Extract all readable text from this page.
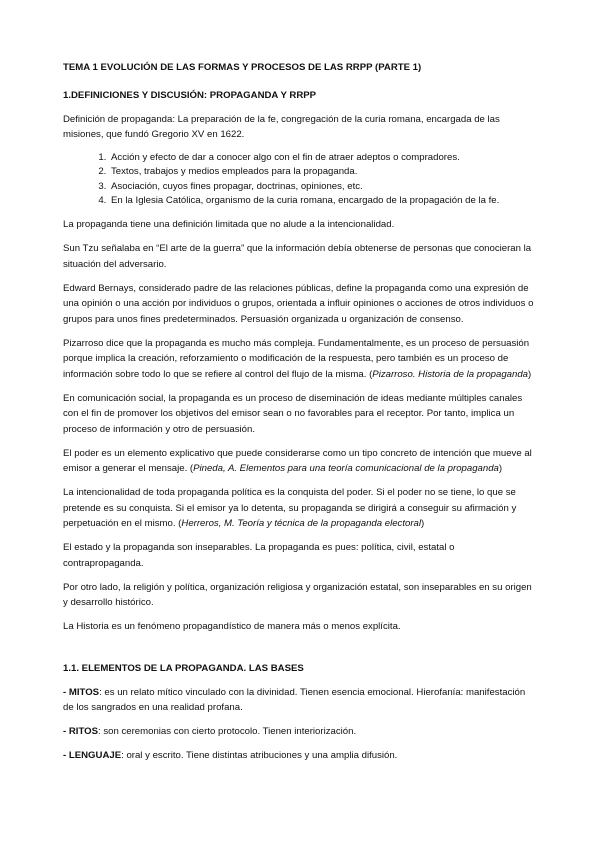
TEMA 1 EVOLUCIÓN DE LAS FORMAS Y PROCESOS DE LAS RRPP (PARTE 1)

1.DEFINICIONES Y DISCUSIÓN: PROPAGANDA Y RRPP

Definición de propaganda: La preparación de la fe, congregación de la curia romana, encargada de las misiones, que fundó Gregorio XV en 1622.

1. Acción y efecto de dar a conocer algo con el fin de atraer adeptos o compradores.
2. Textos, trabajos y medios empleados para la propaganda.
3. Asociación, cuyos fines propagar, doctrinas, opiniones, etc.
4. En la Iglesia Católica, organismo de la curia romana, encargado de la propagación de la fe.

La propaganda tiene una definición limitada que no alude a la intencionalidad.

Sun Tzu señalaba en “El arte de la guerra” que la información debía obtenerse de personas que conocieran la situación del adversario.

Edward Bernays, considerado padre de las relaciones públicas, define la propaganda como una expresión de una opinión o una acción por individuos o grupos, orientada a influir opiniones o acciones de otros individuos o grupos para unos fines predeterminados. Persuasión organizada u organización de consenso.

Pizarroso dice que la propaganda es mucho más compleja. Fundamentalmente, es un proceso de persuasión porque implica la creación, reforzamiento o modificación de la respuesta, pero también es un proceso de información sobre todo lo que se refiere al control del flujo de la misma. (Pizarroso. Historia de la propaganda)

En comunicación social, la propaganda es un proceso de diseminación de ideas mediante múltiples canales con el fin de promover los objetivos del emisor sean o no favorables para el receptor. Por tanto, implica un proceso de información y otro de persuasión.

El poder es un elemento explicativo que puede considerarse como un tipo concreto de intención que mueve al emisor a generar el mensaje. (Pineda, A. Elementos para una teoría comunicacional de la propaganda)

La intencionalidad de toda propaganda política es la conquista del poder. Si el poder no se tiene, lo que se pretende es su conquista. Si el emisor ya lo detenta, su propaganda se dirigirá a conseguir su afirmación y perpetuación en el mismo. (Herreros, M. Teoría y técnica de la propaganda electoral)

El estado y la propaganda son inseparables. La propaganda es pues: política, civil, estatal o contrapropaganda.

Por otro lado, la religión y política, organización religiosa y organización estatal, son inseparables en su origen y desarrollo histórico.

La Historia es un fenómeno propagandístico de manera más o menos explícita.

1.1. ELEMENTOS DE LA PROPAGANDA. LAS BASES

- MITOS: es un relato mítico vinculado con la divinidad. Tienen esencia emocional. Hierofanía: manifestación de los sangrados en una realidad profana.

- RITOS: son ceremonias con cierto protocolo. Tienen interiorización.

- LENGUAJE: oral y escrito. Tiene distintas atribuciones y una amplia difusión.
